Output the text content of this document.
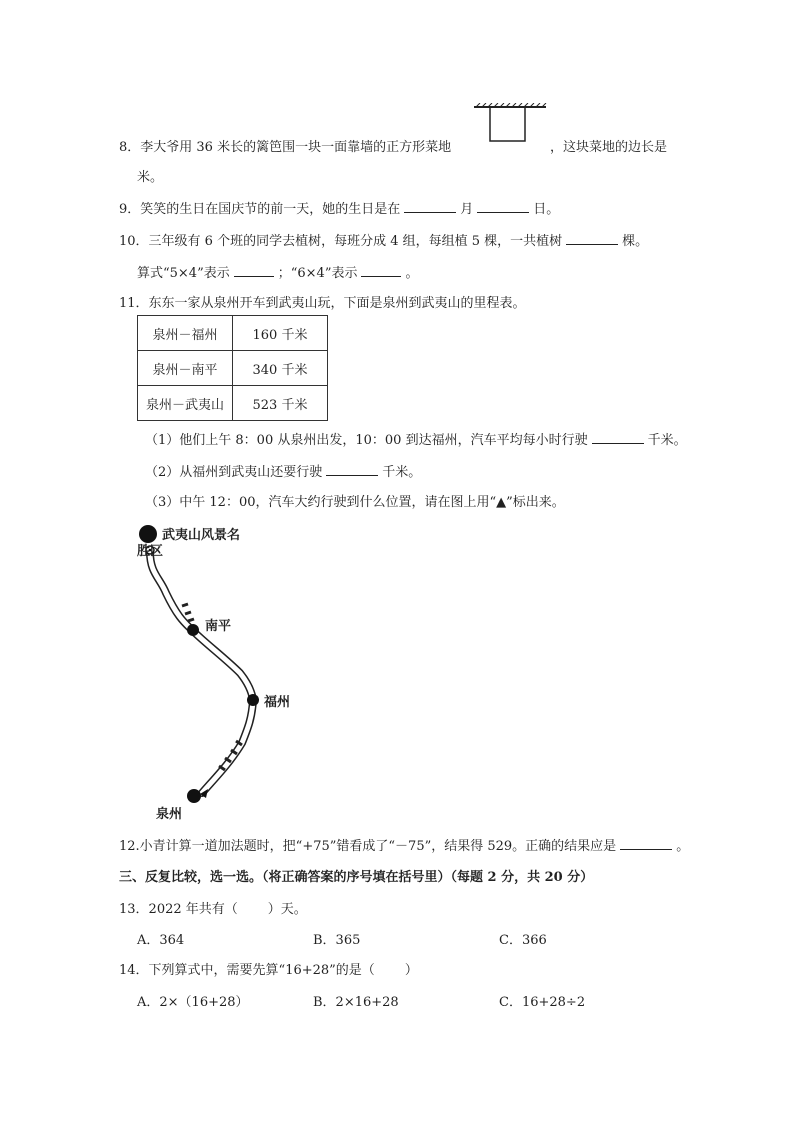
8．李大爷用 36 米长的篱笆围一块一面靠墙的正方形菜地	，这块菜地的边长是
米。
9．笑笑的生日在国庆节的前一天，她的生日是在	月	日。
10．三年级有 6 个班的同学去植树，每班分成 4 组，每组植 5 棵，一共植树	棵。
算式“5×4”表示	；“6×4”表示	。
11．东东一家从泉州开车到武夷山玩，下面是泉州到武夷山的里程表。
泉州－福州	160 千米
泉州－南平	340 千米
泉州－武夷山	523 千米
（1）他们上午 8：00 从泉州出发，10：00 到达福州，汽车平均每小时行驶	千米。
（2）从福州到武夷山还要行驶	千米。
（3）中午 12：00，汽车大约行驶到什么位置，请在图上用“▲”标出来。
武夷山风景名
胜区
南平
福州
泉州
12.小青计算一道加法题时，把“+75”错看成了“－75”，结果得 529。正确的结果应是	。
三、反复比较，选一选。（将正确答案的序号填在括号里）（每题 2 分，共 20 分）
13．2022 年共有（ ）天。
A．364	B．365	C．366
14．下列算式中，需要先算“16+28”的是（ ）
A．2×（16+28）	B．2×16+28	C．16+28÷2
